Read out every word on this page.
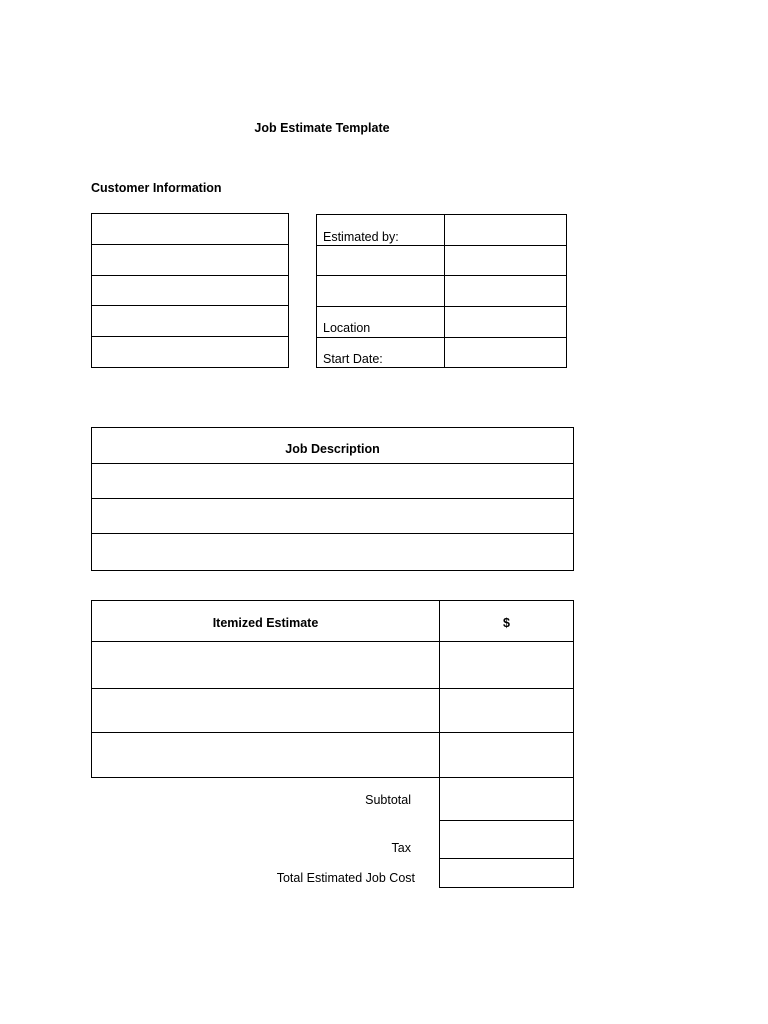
Job Estimate Template
Customer Information
Estimated by:
Location
Start Date:
Job Description
Itemized Estimate	$
Subtotal
Tax
Total Estimated Job Cost
